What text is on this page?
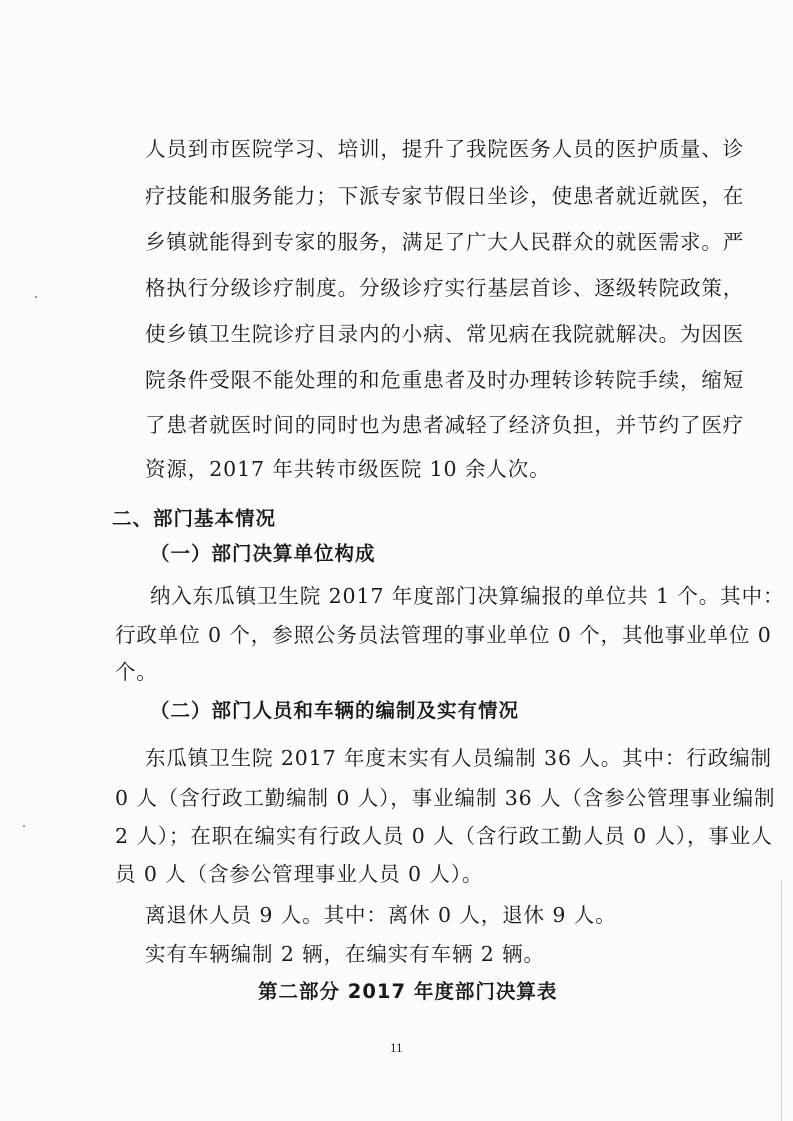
人员到市医院学习、培训，提升了我院医务人员的医护质量、诊
疗技能和服务能力；下派专家节假日坐诊，使患者就近就医，在
乡镇就能得到专家的服务，满足了广大人民群众的就医需求。严
格执行分级诊疗制度。分级诊疗实行基层首诊、逐级转院政策，
使乡镇卫生院诊疗目录内的小病、常见病在我院就解决。为因医
院条件受限不能处理的和危重患者及时办理转诊转院手续，缩短
了患者就医时间的同时也为患者减轻了经济负担，并节约了医疗
资源，2017 年共转市级医院 10 余人次。
二、部门基本情况
（一）部门决算单位构成
纳入东瓜镇卫生院 2017 年度部门决算编报的单位共 1 个。其中：
行政单位 0 个，参照公务员法管理的事业单位 0 个，其他事业单位 0
个。
（二）部门人员和车辆的编制及实有情况
东瓜镇卫生院 2017 年度末实有人员编制 36 人。其中：行政编制
0 人（含行政工勤编制 0 人），事业编制 36 人（含参公管理事业编制
2 人）；在职在编实有行政人员 0 人（含行政工勤人员 0 人），事业人
员 0 人（含参公管理事业人员 0 人）。
离退休人员 9 人。其中：离休 0 人，退休 9 人。
实有车辆编制 2 辆，在编实有车辆 2 辆。
第二部分 2017 年度部门决算表
11
